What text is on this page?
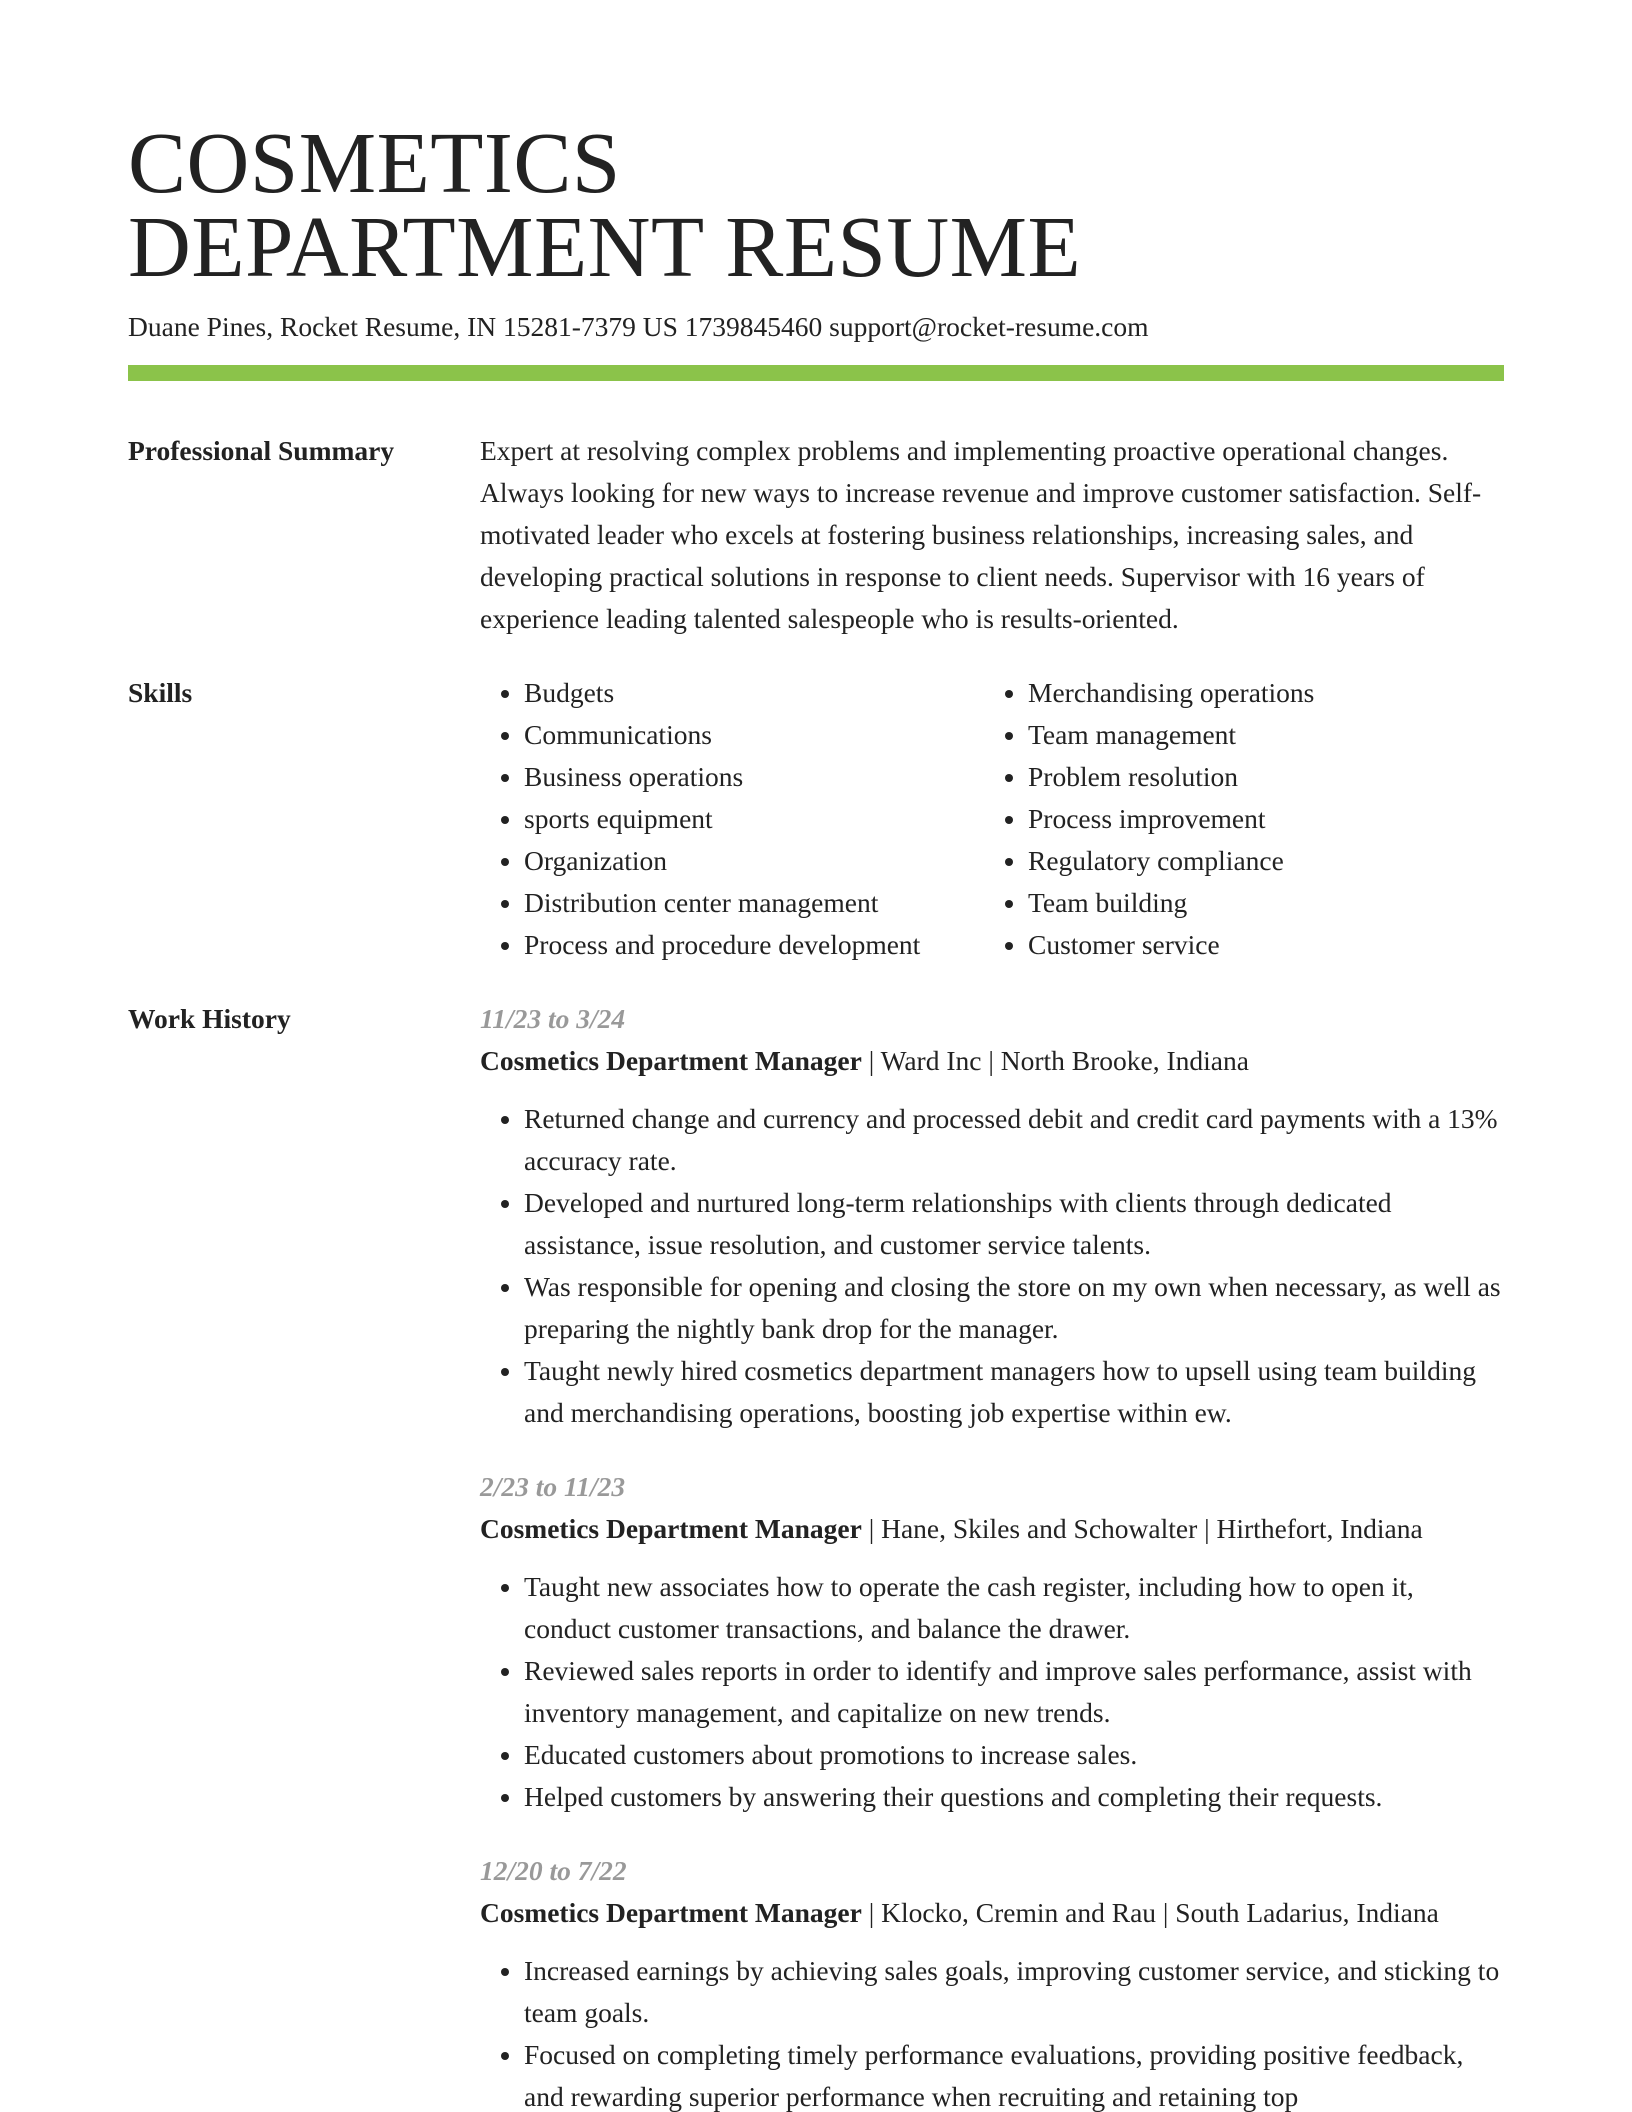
COSMETICS
DEPARTMENT RESUME
Duane Pines, Rocket Resume, IN 15281-7379 US 1739845460 support@rocket-resume.com
Professional Summary	Expert at resolving complex problems and implementing proactive operational changes. Always looking for new ways to increase revenue and improve customer satisfaction. Self-motivated leader who excels at fostering business relationships, increasing sales, and developing practical solutions in response to client needs. Supervisor with 16 years of experience leading talented salespeople who is results-oriented.
Skills
•	Budgets
• Communications
• Business operations
• sports equipment
• Organization
• Distribution center management
• Process and procedure development
• Merchandising operations
• Team management
• Problem resolution
• Process improvement
• Regulatory compliance
• Team building
• Customer service
Work History	11/23 to 3/24
Cosmetics Department Manager | Ward Inc | North Brooke, Indiana
• Returned change and currency and processed debit and credit card payments with a 13% accuracy rate.
• Developed and nurtured long-term relationships with clients through dedicated assistance, issue resolution, and customer service talents.
• Was responsible for opening and closing the store on my own when necessary, as well as preparing the nightly bank drop for the manager.
• Taught newly hired cosmetics department managers how to upsell using team building and merchandising operations, boosting job expertise within ew.
2/23 to 11/23
Cosmetics Department Manager | Hane, Skiles and Schowalter | Hirthefort, Indiana
• Taught new associates how to operate the cash register, including how to open it, conduct customer transactions, and balance the drawer.
• Reviewed sales reports in order to identify and improve sales performance, assist with inventory management, and capitalize on new trends.
• Educated customers about promotions to increase sales.
• Helped customers by answering their questions and completing their requests.
12/20 to 7/22
Cosmetics Department Manager | Klocko, Cremin and Rau | South Ladarius, Indiana
• Increased earnings by achieving sales goals, improving customer service, and sticking to team goals.
• Focused on completing timely performance evaluations, providing positive feedback, and rewarding superior performance when recruiting and retaining top
